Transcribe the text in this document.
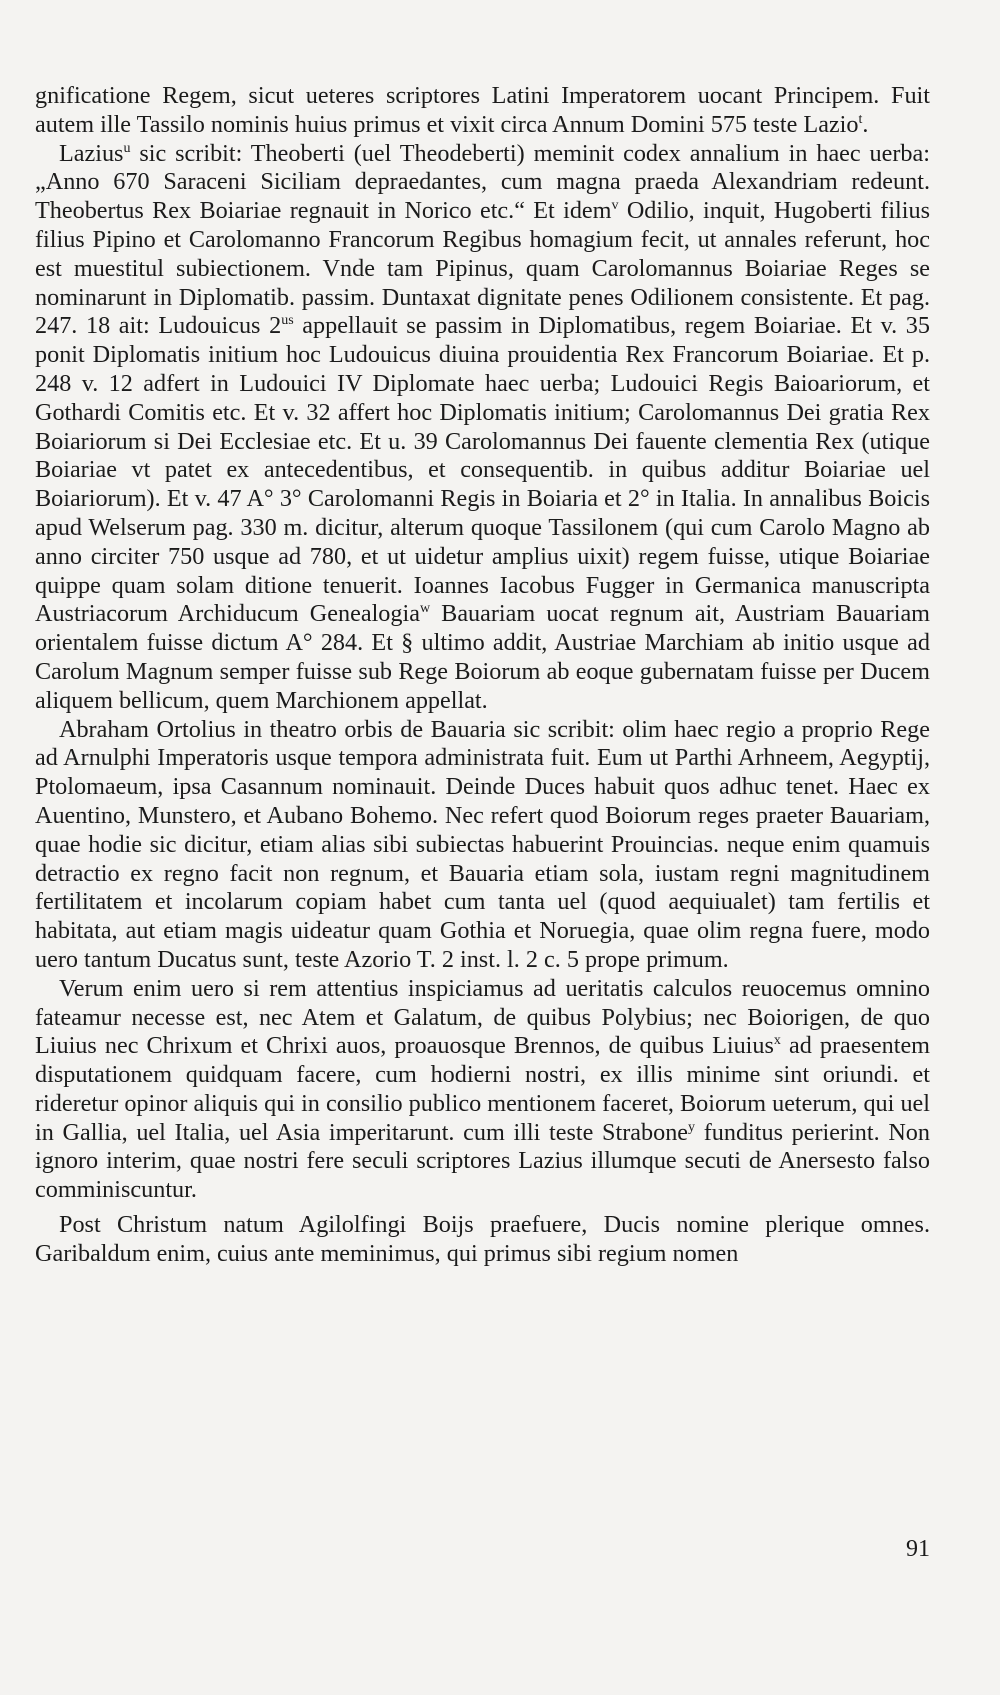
gnificatione Regem, sicut ueteres scriptores Latini Imperatorem uocant Principem. Fuit autem ille Tassilo nominis huius primus et vixit circa Annum Domini 575 teste Lazio$^t$.

Lazius$^u$ sic scribit: Theoberti (uel Theodeberti) meminit codex annalium in haec uerba: „Anno 670 Saraceni Siciliam depraedantes, cum magna praeda Alexandriam redeunt. Theobertus Rex Boiariae regnauit in Norico etc.“ Et idem$^v$ Odilio, inquit, Hugoberti filius filius Pipino et Carolomanno Francorum Regibus homagium fecit, ut annales referunt, hoc est muestitul subiectionem. Vnde tam Pipinus, quam Carolomannus Boiariae Reges se nominarunt in Diplomatib. passim. Duntaxat dignitate penes Odilionem consistente. Et pag. 247. 18 ait: Ludouicus $2^{us}$ appellauit se passim in Diplomatibus, regem Boiariae. Et v. 35 ponit Diplomatis initium hoc Ludouicus diuina prouidentia Rex Francorum Boiariae. Et p. 248 v. 12 adfert in Ludouici IV Diplomate haec uerba; Ludouici Regis Baioariorum, et Gothardi Comitis etc. Et v. 32 affert hoc Diplomatis initium; Carolomannus Dei gratia Rex Boiariorum si Dei Ecclesiae etc. Et u. 39 Carolomannus Dei fauente clementia Rex (utique Boiariae vt patet ex antecedentibus, et consequentib. in quibus additur Boiariae uel Boiariorum). Et v. 47 A° 3° Carolomanni Regis in Boiaria et 2° in Italia. In annalibus Boicis apud Welserum pag. 330 m. dicitur, alterum quoque Tassilonem (qui cum Carolo Magno ab anno circiter 750 usque ad 780, et ut uidetur amplius uixit) regem fuisse, utique Boiariae quippe quam solam ditione tenuerit. Ioannes Iacobus Fugger in Germanica manuscripta Austriacorum Archiducum Genealogia$^w$ Bauariam uocat regnum ait, Austriam Bauariam orientalem fuisse dictum A° 284. Et § ultimo addit, Austriae Marchiam ab initio usque ad Carolum Magnum semper fuisse sub Rege Boiorum ab eoque gubernatam fuisse per Ducem aliquem bellicum, quem Marchionem appellat.

Abraham Ortolius in theatro orbis de Bauaria sic scribit: olim haec regio a proprio Rege ad Arnulphi Imperatoris usque tempora administrata fuit. Eum ut Parthi Arhneem, Aegyptij, Ptolomaeum, ipsa Casannum nominauit. Deinde Duces habuit quos adhuc tenet. Haec ex Auentino, Munstero, et Aubano Bohemo. Nec refert quod Boiorum reges praeter Bauariam, quae hodie sic dicitur, etiam alias sibi subiectas habuerint Prouincias. neque enim quamuis detractio ex regno facit non regnum, et Bauaria etiam sola, iustam regni magnitudinem fertilitatem et incolarum copiam habet cum tanta uel (quod aequiualet) tam fertilis et habitata, aut etiam magis uideatur quam Gothia et Noruegia, quae olim regna fuere, modo uero tantum Ducatus sunt, teste Azorio T. 2 inst. l. 2 c. 5 prope primum.

Verum enim uero si rem attentius inspiciamus ad ueritatis calculos reuocemus omnino fateamur necesse est, nec Atem et Galatum, de quibus Polybius; nec Boiorigen, de quo Liuius nec Chrixum et Chrixi auos, proauosque Brennos, de quibus Liuius$^x$ ad praesentem disputationem quidquam facere, cum hodierni nostri, ex illis minime sint oriundi. et rideretur opinor aliquis qui in consilio publico mentionem faceret, Boiorum ueterum, qui uel in Gallia, uel Italia, uel Asia imperitarunt. cum illi teste Strabone$^y$ funditus perierint. Non ignoro interim, quae nostri fere seculi scriptores Lazius illumque secuti de Anersesto falso comminiscuntur.

Post Christum natum Agilolfingi Boijs praefuere, Ducis nomine plerique omnes. Garibaldum enim, cuius ante meminimus, qui primus sibi regium nomen

91
